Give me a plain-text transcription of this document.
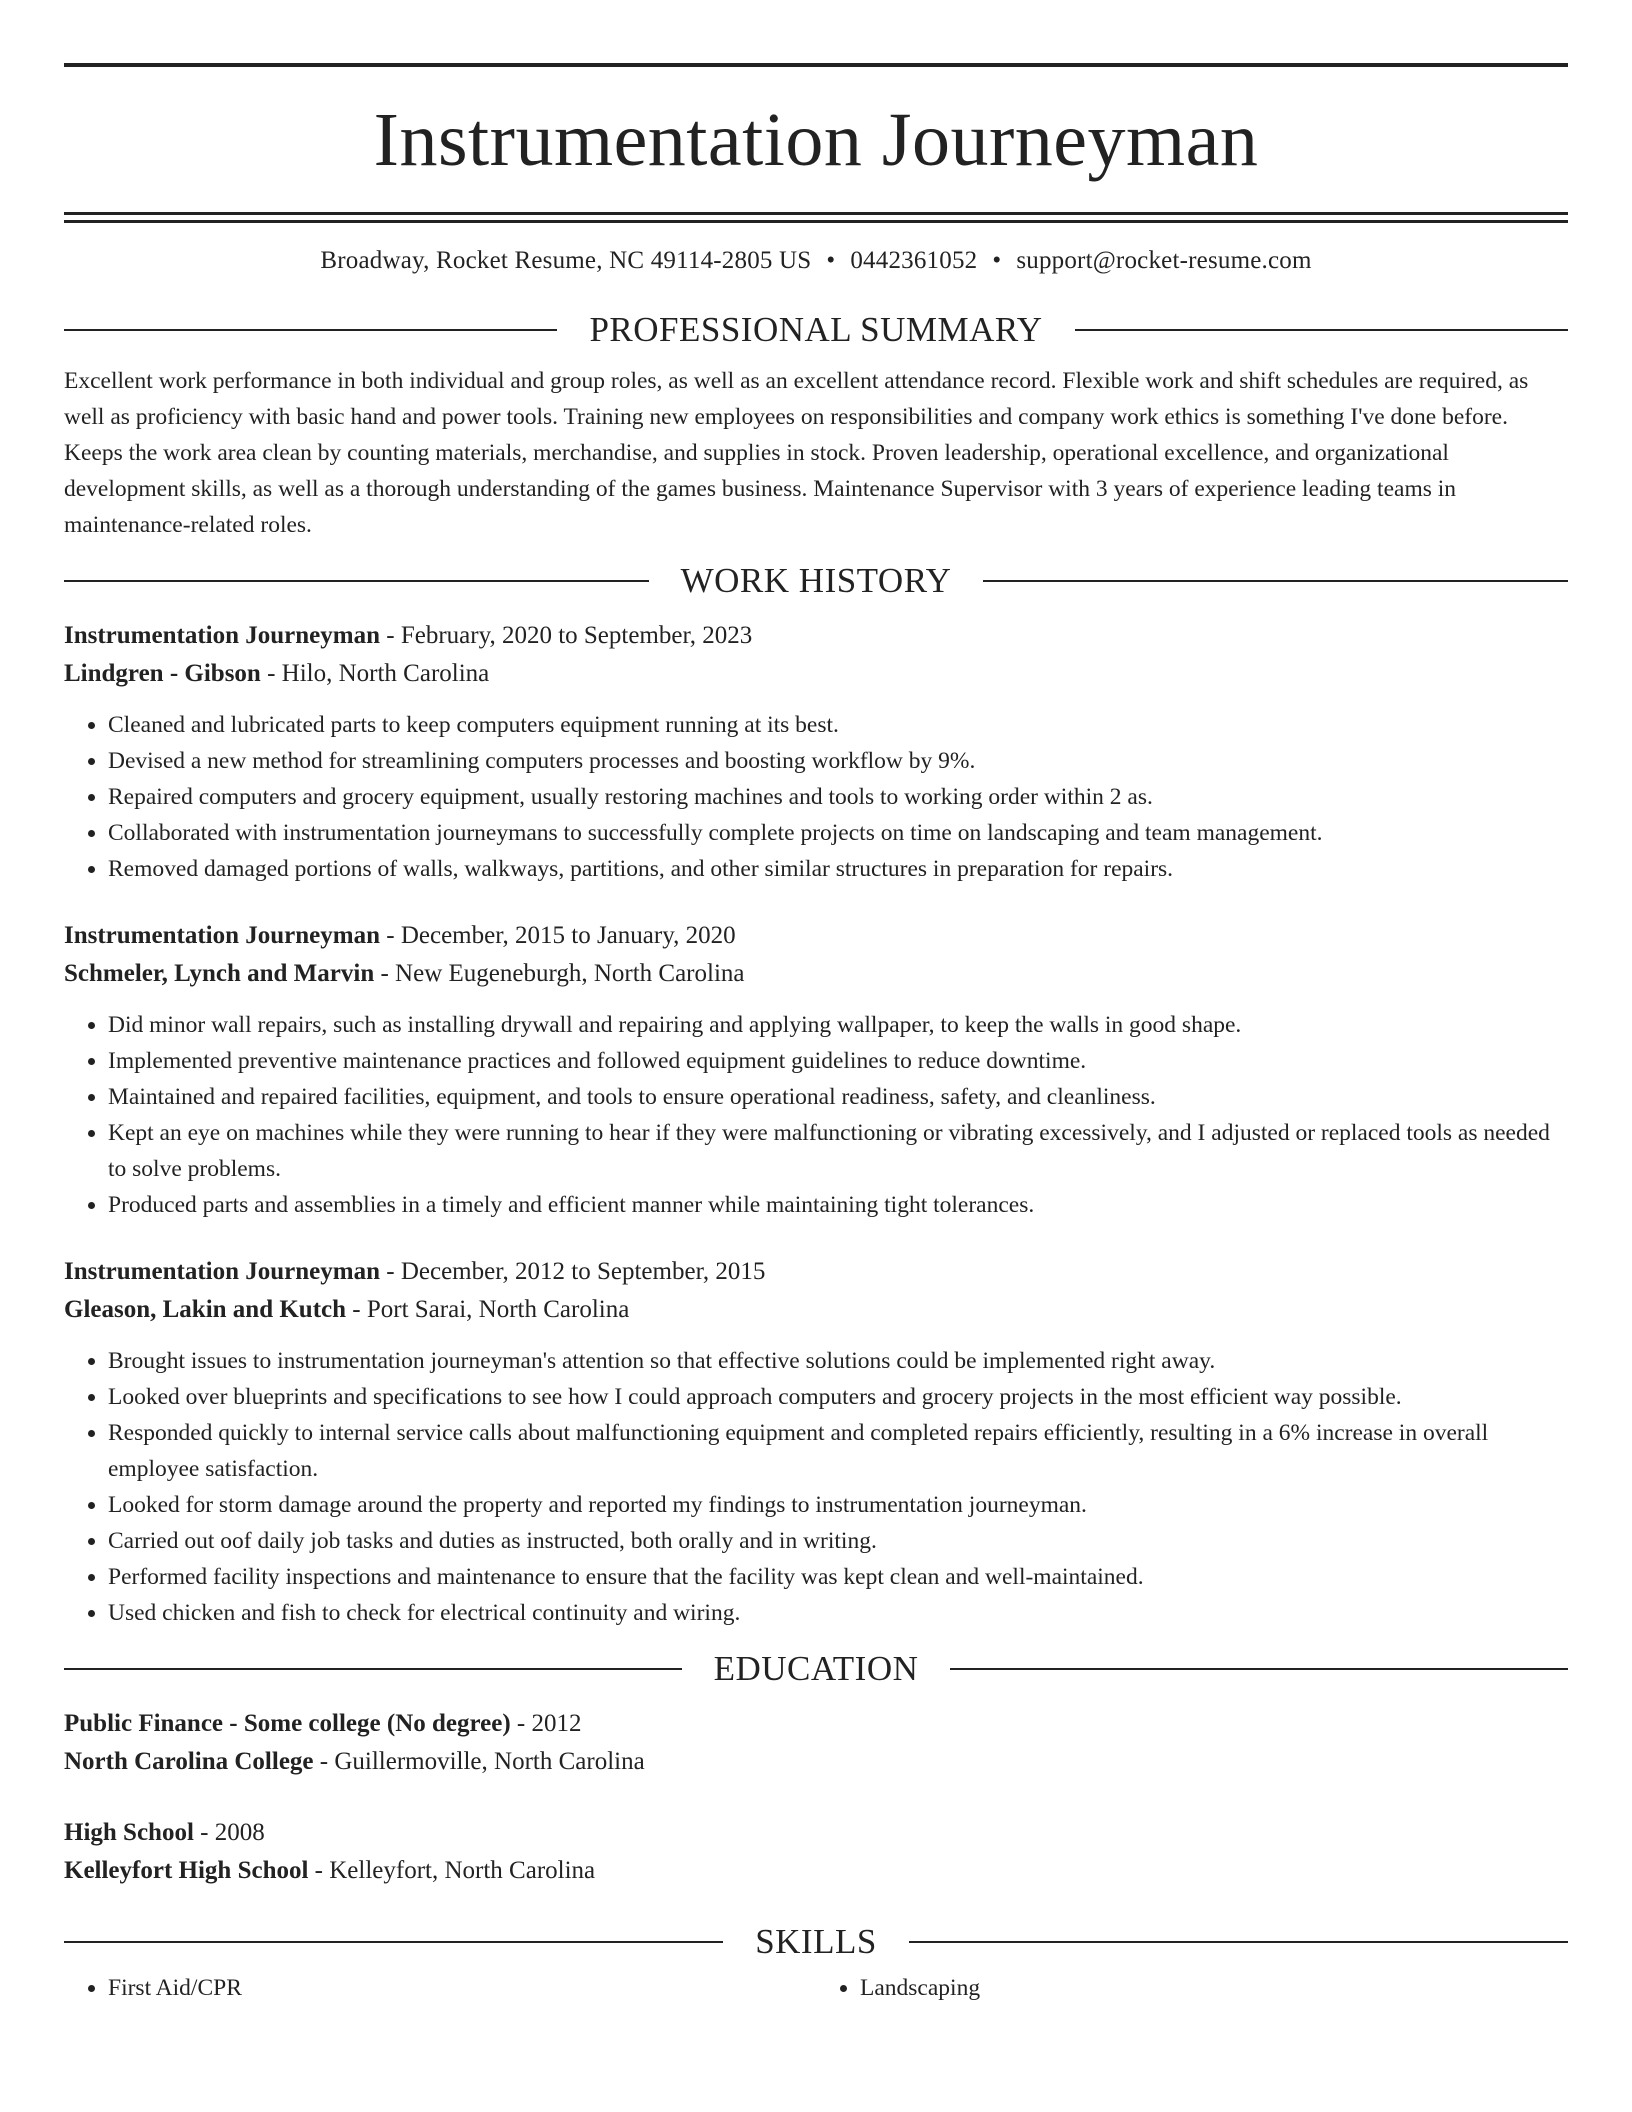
Instrumentation Journeyman
Broadway, Rocket Resume, NC 49114-2805 US • 0442361052 • support@rocket-resume.com
PROFESSIONAL SUMMARY
Excellent work performance in both individual and group roles, as well as an excellent attendance record. Flexible work and shift schedules are required, as well as proficiency with basic hand and power tools. Training new employees on responsibilities and company work ethics is something I've done before. Keeps the work area clean by counting materials, merchandise, and supplies in stock. Proven leadership, operational excellence, and organizational development skills, as well as a thorough understanding of the games business. Maintenance Supervisor with 3 years of experience leading teams in maintenance-related roles.
WORK HISTORY
Instrumentation Journeyman - February, 2020 to September, 2023
Lindgren - Gibson - Hilo, North Carolina
• Cleaned and lubricated parts to keep computers equipment running at its best.
• Devised a new method for streamlining computers processes and boosting workflow by 9%.
• Repaired computers and grocery equipment, usually restoring machines and tools to working order within 2 as.
• Collaborated with instrumentation journeymans to successfully complete projects on time on landscaping and team management.
• Removed damaged portions of walls, walkways, partitions, and other similar structures in preparation for repairs.
Instrumentation Journeyman - December, 2015 to January, 2020
Schmeler, Lynch and Marvin - New Eugeneburgh, North Carolina
• Did minor wall repairs, such as installing drywall and repairing and applying wallpaper, to keep the walls in good shape.
• Implemented preventive maintenance practices and followed equipment guidelines to reduce downtime.
• Maintained and repaired facilities, equipment, and tools to ensure operational readiness, safety, and cleanliness.
• Kept an eye on machines while they were running to hear if they were malfunctioning or vibrating excessively, and I adjusted or replaced tools as needed to solve problems.
• Produced parts and assemblies in a timely and efficient manner while maintaining tight tolerances.
Instrumentation Journeyman - December, 2012 to September, 2015
Gleason, Lakin and Kutch - Port Sarai, North Carolina
• Brought issues to instrumentation journeyman's attention so that effective solutions could be implemented right away.
• Looked over blueprints and specifications to see how I could approach computers and grocery projects in the most efficient way possible.
• Responded quickly to internal service calls about malfunctioning equipment and completed repairs efficiently, resulting in a 6% increase in overall employee satisfaction.
• Looked for storm damage around the property and reported my findings to instrumentation journeyman.
• Carried out oof daily job tasks and duties as instructed, both orally and in writing.
• Performed facility inspections and maintenance to ensure that the facility was kept clean and well-maintained.
• Used chicken and fish to check for electrical continuity and wiring.
EDUCATION
Public Finance - Some college (No degree) - 2012
North Carolina College - Guillermoville, North Carolina
High School - 2008
Kelleyfort High School - Kelleyfort, North Carolina
SKILLS
• First Aid/CPR
•	Landscaping
